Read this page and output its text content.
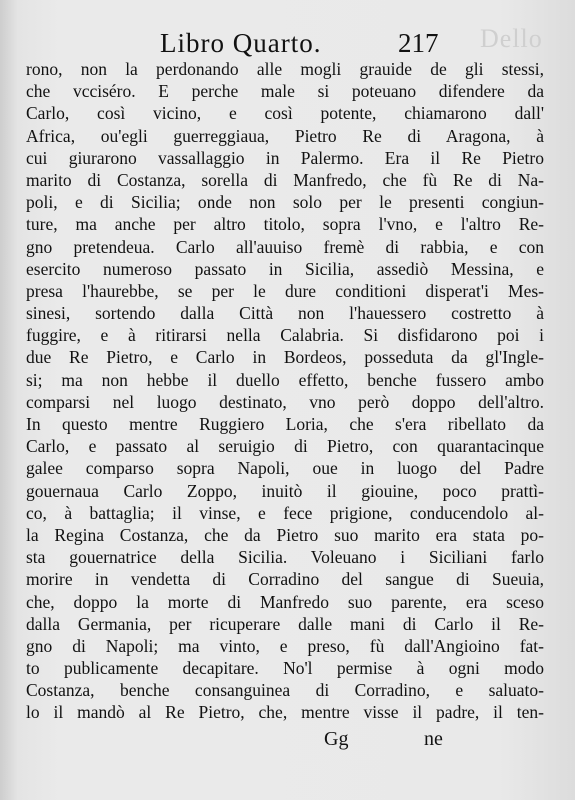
Dello
Libro Quarto.	217
rono, non la perdonando alle mogli grauide de gli stessi,
che vcciséro. E perche male si poteuano difendere da
Carlo, così vicino, e così potente, chiamarono dall'
Africa, ou'egli guerreggiaua, Pietro Re di Aragona, à
cui giurarono vassallaggio in Palermo. Era il Re Pietro
marito di Costanza, sorella di Manfredo, che fù Re di Na-
poli, e di Sicilia; onde non solo per le presenti congiun-
ture, ma anche per altro titolo, sopra l'vno, e l'altro Re-
gno pretendeua. Carlo all'auuiso fremè di rabbia, e con
esercito numeroso passato in Sicilia, assediò Messina, e
presa l'haurebbe, se per le dure conditioni disperat'i Mes-
sinesi, sortendo dalla Città non l'hauessero costretto à
fuggire, e à ritirarsi nella Calabria. Si disfidarono poi i
due Re Pietro, e Carlo in Bordeos, posseduta da gl'Ingle-
si; ma non hebbe il duello effetto, benche fussero ambo
comparsi nel luogo destinato, vno però doppo dell'altro.
In questo mentre Ruggiero Loria, che s'era ribellato da
Carlo, e passato al seruigio di Pietro, con quarantacinque
galee comparso sopra Napoli, oue in luogo del Padre
gouernaua Carlo Zoppo, inuitò il giouine, poco prattì-
co, à battaglia; il vinse, e fece prigione, conducendolo al-
la Regina Costanza, che da Pietro suo marito era stata po-
sta gouernatrice della Sicilia. Voleuano i Siciliani farlo
morire in vendetta di Corradino del sangue di Sueuia,
che, doppo la morte di Manfredo suo parente, era sceso
dalla Germania, per ricuperare dalle mani di Carlo il Re-
gno di Napoli; ma vinto, e preso, fù dall'Angioino fat-
to publicamente decapitare. No'l permise à ogni modo
Costanza, benche consanguinea di Corradino, e saluato-
lo il mandò al Re Pietro, che, mentre visse il padre, il ten-
Gg	ne
